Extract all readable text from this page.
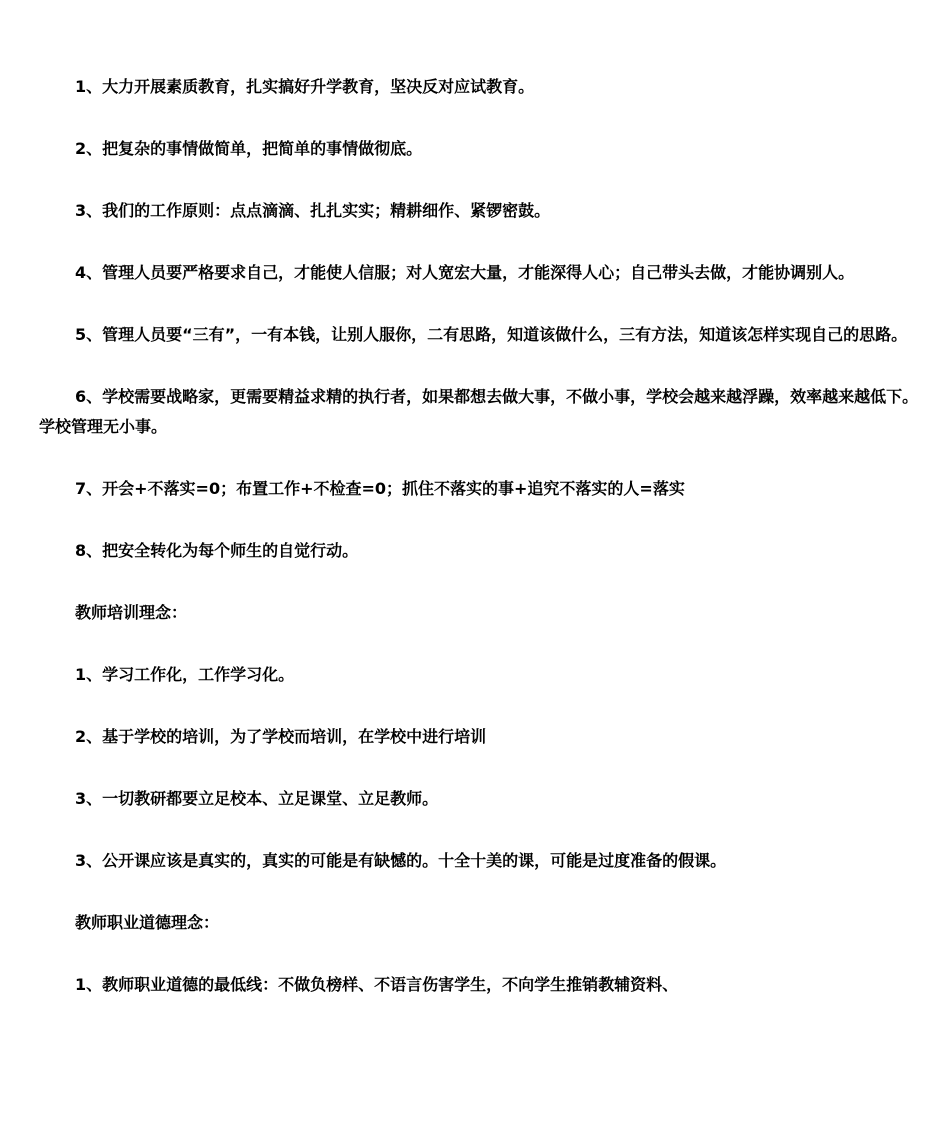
1、大力开展素质教育，扎实搞好升学教育，坚决反对应试教育。

2、把复杂的事情做简单，把简单的事情做彻底。

3、我们的工作原则：点点滴滴、扎扎实实；精耕细作、紧锣密鼓。

4、管理人员要严格要求自己，才能使人信服；对人宽宏大量，才能深得人心；自己带头去做，才能协调别人。

5、管理人员要“三有”，一有本钱，让别人服你，二有思路，知道该做什么，三有方法，知道该怎样实现自己的思路。

6、学校需要战略家，更需要精益求精的执行者，如果都想去做大事，不做小事，学校会越来越浮躁，效率越来越低下。学校管理无小事。

7、开会+不落实=0；布置工作+不检查=0；抓住不落实的事+追究不落实的人=落实

8、把安全转化为每个师生的自觉行动。

教师培训理念：

1、学习工作化，工作学习化。

2、基于学校的培训，为了学校而培训，在学校中进行培训

3、一切教研都要立足校本、立足课堂、立足教师。

3、公开课应该是真实的，真实的可能是有缺憾的。十全十美的课，可能是过度准备的假课。

教师职业道德理念：

1、教师职业道德的最低线：不做负榜样、不语言伤害学生，不向学生推销教辅资料、
